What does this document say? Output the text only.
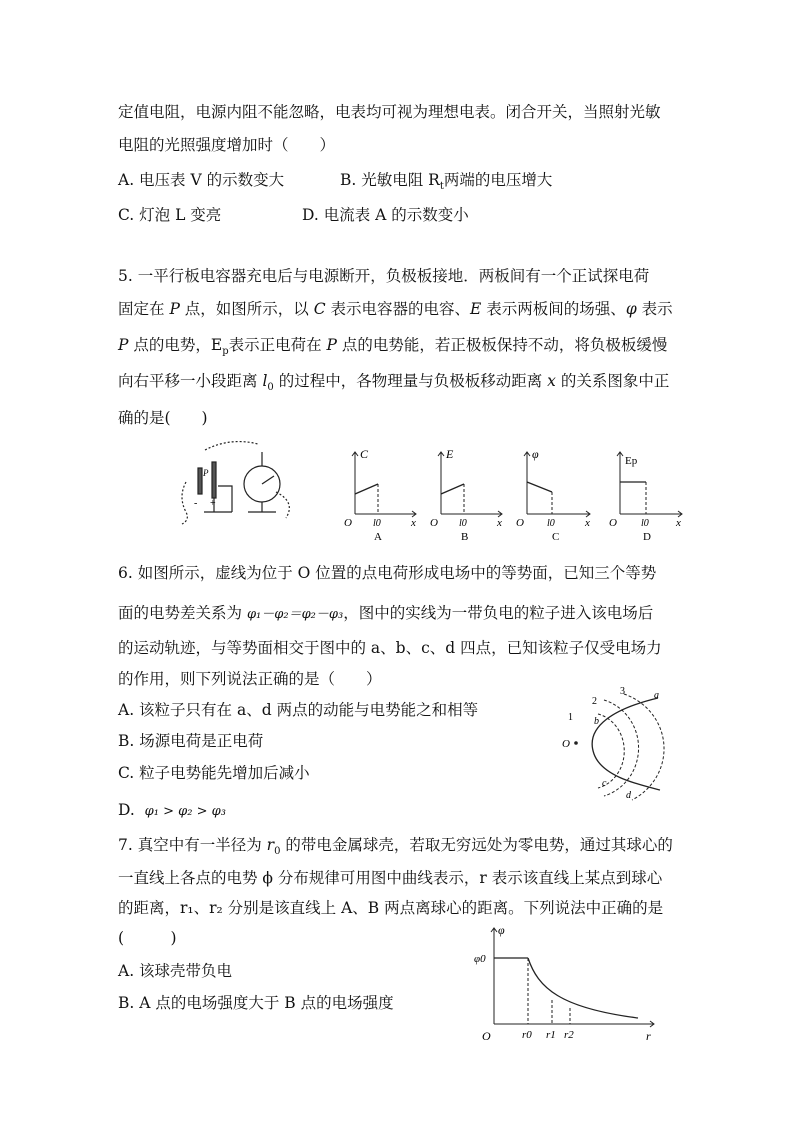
定值电阻，电源内阻不能忽略，电表均可视为理想电表。闭合开关，当照射光敏
电阻的光照强度增加时（　　）
A. 电压表 V 的示数变大	B. 光敏电阻 $R_t$两端的电压增大
C. 灯泡 L 变亮	D. 电流表 A 的示数变小
5. 一平行板电容器充电后与电源断开，负极板接地．两板间有一个正试探电荷
固定在 P 点，如图所示，以 C 表示电容器的电容、E 表示两板间的场强、φ 表示
P 点的电势，$E_p$表示正电荷在 P 点的电势能，若正极板保持不动，将负极板缓慢
向右平移一小段距离 $l_0$ 的过程中，各物理量与负极板移动距离 x 的关系图象中正
确的是(　　)
P
- +
C
O	x
l0
A
E
O	x
l0
B
φ
O	x
l0
C
Ep
O	x
l0
D
6. 如图所示，虚线为位于 O 位置的点电荷形成电场中的等势面，已知三个等势
面的电势差关系为 φ₁－φ₂＝φ₂－φ₃，图中的实线为一带负电的粒子进入该电场后
的运动轨迹，与等势面相交于图中的 a、b、c、d 四点，已知该粒子仅受电场力
的作用，则下列说法正确的是（　　）
A. 该粒子只有在 a、d 两点的动能与电势能之和相等
B. 场源电荷是正电荷
C. 粒子电势能先增加后减小
D. φ₁ > φ₂ > φ₃
O
1
2
3	a
b
c
d
7. 真空中有一半径为 $r_0$ 的带电金属球壳，若取无穷远处为零电势，通过其球心的
一直线上各点的电势 ϕ 分布规律可用图中曲线表示，r 表示该直线上某点到球心
的距离，r₁、r₂ 分别是该直线上 A、B 两点离球心的距离。下列说法中正确的是
(　　　)
A. 该球壳带负电
B. A 点的电场强度大于 B 点的电场强度
φ
φ0
O	r
r0 r1 r2
